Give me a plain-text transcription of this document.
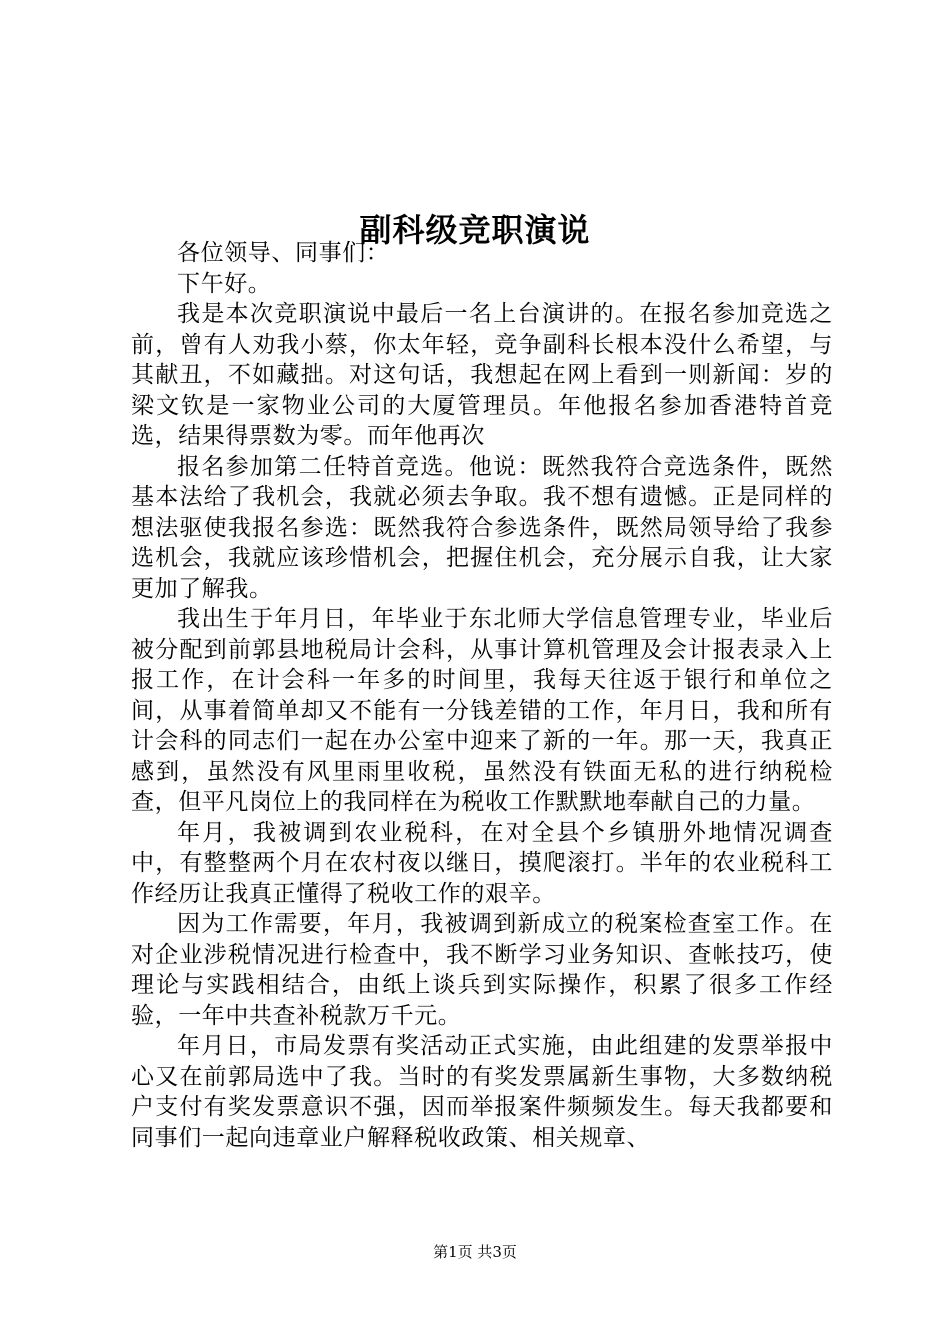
副科级竞职演说

各位领导、同事们：

下午好。

我是本次竞职演说中最后一名上台演讲的。在报名参加竞选之前，曾有人劝我小蔡，你太年轻，竞争副科长根本没什么希望，与其献丑，不如藏拙。对这句话，我想起在网上看到一则新闻：岁的梁文钦是一家物业公司的大厦管理员。年他报名参加香港特首竞选，结果得票数为零。而年他再次

报名参加第二任特首竞选。他说：既然我符合竞选条件，既然基本法给了我机会，我就必须去争取。我不想有遗憾。正是同样的想法驱使我报名参选：既然我符合参选条件，既然局领导给了我参选机会，我就应该珍惜机会，把握住机会，充分展示自我，让大家更加了解我。

我出生于年月日，年毕业于东北师大学信息管理专业，毕业后被分配到前郭县地税局计会科，从事计算机管理及会计报表录入上报工作，在计会科一年多的时间里，我每天往返于银行和单位之间，从事着简单却又不能有一分钱差错的工作，年月日，我和所有计会科的同志们一起在办公室中迎来了新的一年。那一天，我真正感到，虽然没有风里雨里收税，虽然没有铁面无私的进行纳税检查，但平凡岗位上的我同样在为税收工作默默地奉献自己的力量。

年月，我被调到农业税科，在对全县个乡镇册外地情况调查中，有整整两个月在农村夜以继日，摸爬滚打。半年的农业税科工作经历让我真正懂得了税收工作的艰辛。

因为工作需要，年月，我被调到新成立的税案检查室工作。在对企业涉税情况进行检查中，我不断学习业务知识、查帐技巧，使理论与实践相结合，由纸上谈兵到实际操作，积累了很多工作经验，一年中共查补税款万千元。

年月日，市局发票有奖活动正式实施，由此组建的发票举报中心又在前郭局选中了我。当时的有奖发票属新生事物，大多数纳税户支付有奖发票意识不强，因而举报案件频频发生。每天我都要和同事们一起向违章业户解释税收政策、相关规章、

第1页 共3页
